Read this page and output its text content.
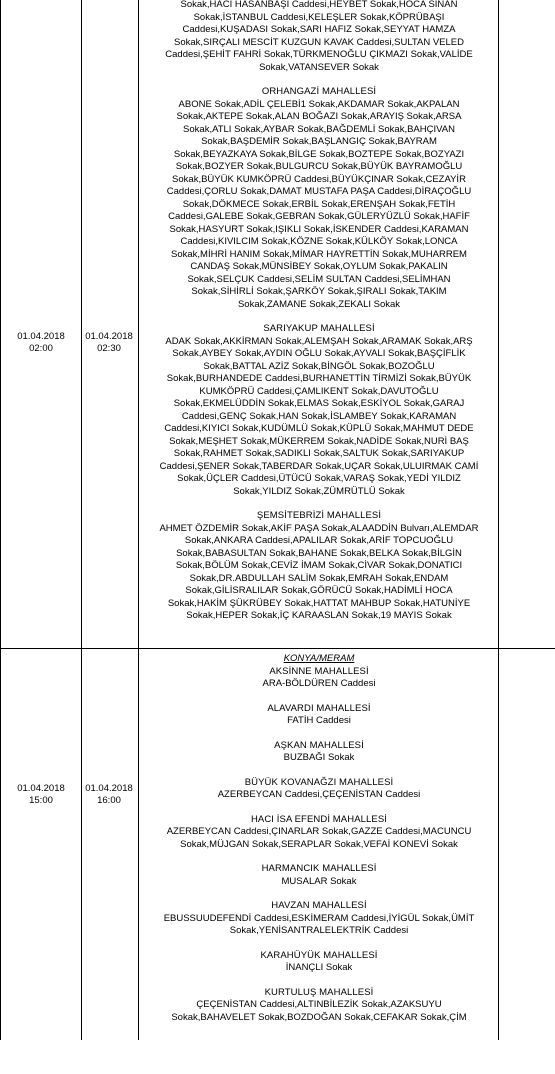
01.04.2018
02:00
01.04.2018
02:30

Sokak,HACI HASANBAŞI Caddesi,HEYBET Sokak,HOCA SİNAN

Sokak,İSTANBUL Caddesi,KELEŞLER Sokak,KÖPRÜBAŞI

Caddesi,KUŞADASI Sokak,SARI HAFIZ Sokak,SEYYAT HAMZA

Sokak,SIRÇALI MESCİT KUZGUN KAVAK Caddesi,SULTAN VELED

Caddesi,ŞEHİT FAHRİ Sokak,TÜRKMENOĞLU ÇIKMAZI Sokak,VALİDE

Sokak,VATANSEVER Sokak

ORHANGAZİ MAHALLESİ

ABONE Sokak,ADİL ÇELEBİ1 Sokak,AKDAMAR Sokak,AKPALAN

Sokak,AKTEPE Sokak,ALAN BOĞAZI Sokak,ARAYIŞ Sokak,ARSA

Sokak,ATLI Sokak,AYBAR Sokak,BAĞDEMLİ Sokak,BAHÇIVAN

Sokak,BAŞDEMİR Sokak,BAŞLANGIÇ Sokak,BAYRAM

Sokak,BEYAZKAYA Sokak,BİLGE Sokak,BOZTEPE Sokak,BOZYAZI

Sokak,BOZYER Sokak,BULGURCU Sokak,BÜYÜK BAYRAMOĞLU

Sokak,BÜYÜK KUMKÖPRÜ Caddesi,BÜYÜKÇINAR Sokak,CEZAYİR

Caddesi,ÇORLU Sokak,DAMAT MUSTAFA PAŞA Caddesi,DİRAÇOĞLU

Sokak,DÖKMECE Sokak,ERBİL Sokak,ERENŞAH Sokak,FETİH

Caddesi,GALEBE Sokak,GEBRAN Sokak,GÜLERYÜZLÜ Sokak,HAFİF

Sokak,HASYURT Sokak,IŞIKLI Sokak,İSKENDER Caddesi,KARAMAN

Caddesi,KIVILCIM Sokak,KÖZNE Sokak,KÜLKÖY Sokak,LONCA

Sokak,MİHRİ HANIM Sokak,MİMAR HAYRETTİN Sokak,MUHARREM

CANDAŞ Sokak,MÜNSİBEY Sokak,OYLUM Sokak,PAKALIN

Sokak,SELÇUK Caddesi,SELİM SULTAN Caddesi,SELİMHAN

Sokak,SİHİRLİ Sokak,ŞARKÖY Sokak,ŞIRALI Sokak,TAKIM

Sokak,ZAMANE Sokak,ZEKALI Sokak

SARIYAKUP MAHALLESİ

ADAK Sokak,AKKİRMAN Sokak,ALEMŞAH Sokak,ARAMAK Sokak,ARŞ

Sokak,AYBEY Sokak,AYDIN OĞLU Sokak,AYVALI Sokak,BAŞÇİFLİK

Sokak,BATTAL AZİZ Sokak,BİNGÖL Sokak,BOZOĞLU

Sokak,BURHANDEDE Caddesi,BURHANETTİN TİRMİZİ Sokak,BÜYÜK

KUMKÖPRÜ Caddesi,ÇAMLIKENT Sokak,DAVUTOĞLU

Sokak,EKMELÜDDİN Sokak,ELMAS Sokak,ESKİYOL Sokak,GARAJ

Caddesi,GENÇ Sokak,HAN Sokak,İSLAMBEY Sokak,KARAMAN

Caddesi,KIYICI Sokak,KUDÜMLÜ Sokak,KÜPLÜ Sokak,MAHMUT DEDE

Sokak,MEŞHET Sokak,MÜKERREM Sokak,NADİDE Sokak,NURİ BAŞ

Sokak,RAHMET Sokak,SADIKLI Sokak,SALTUK Sokak,SARIYAKUP

Caddesi,ŞENER Sokak,TABERDAR Sokak,UÇAR Sokak,ULUIRMAK CAMİ

Sokak,ÜÇLER Caddesi,ÜTÜCÜ Sokak,VARAŞ Sokak,YEDİ YILDIZ

Sokak,YILDIZ Sokak,ZÜMRÜTLÜ Sokak

ŞEMSİTEBRİZİ MAHALLESİ

AHMET ÖZDEMİR Sokak,AKİF PAŞA Sokak,ALAADDİN Bulvarı,ALEMDAR

Sokak,ANKARA Caddesi,APALILAR Sokak,ARİF TOPCUOĞLU

Sokak,BABASULTAN Sokak,BAHANE Sokak,BELKA Sokak,BİLGİN

Sokak,BÖLÜM Sokak,CEVİZ İMAM Sokak,CİVAR Sokak,DONATICI

Sokak,DR.ABDULLAH SALİM Sokak,EMRAH Sokak,ENDAM

Sokak,GİLİSRALILAR Sokak,GÖRÜCÜ Sokak,HADİMLİ HOCA

Sokak,HAKİM ŞÜKRÜBEY Sokak,HATTAT MAHBUP Sokak,HATUNİYE

Sokak,HEPER Sokak,İÇ KARAASLAN Sokak,19 MAYIS Sokak

01.04.2018
15:00
01.04.2018
16:00

KONYA/MERAM

AKSİNNE MAHALLESİ

ARA-BÖLDÜREN Caddesi

ALAVARDI MAHALLESİ

FATİH Caddesi

AŞKAN MAHALLESİ

BUZBAĞI Sokak

BÜYÜK KOVANAĞZI MAHALLESİ

AZERBEYCAN Caddesi,ÇEÇENİSTAN Caddesi

HACI İSA EFENDİ MAHALLESİ

AZERBEYCAN Caddesi,ÇINARLAR Sokak,GAZZE Caddesi,MACUNCU

Sokak,MÜJGAN Sokak,SERAPLAR Sokak,VEFAİ KONEVİ Sokak

HARMANCIK MAHALLESİ

MUSALAR Sokak

HAVZAN MAHALLESİ

EBUSSUUDEFENDİ Caddesi,ESKİMERAM Caddesi,İYİGÜL Sokak,ÜMİT

Sokak,YENİSANTRALELEKTRİK Caddesi

KARAHÜYÜK MAHALLESİ

İNANÇLI Sokak

KURTULUŞ MAHALLESİ

ÇEÇENİSTAN Caddesi,ALTINBİLEZİK Sokak,AZAKSUYU

Sokak,BAHAVELET Sokak,BOZDOĞAN Sokak,CEFAKAR Sokak,ÇİM
